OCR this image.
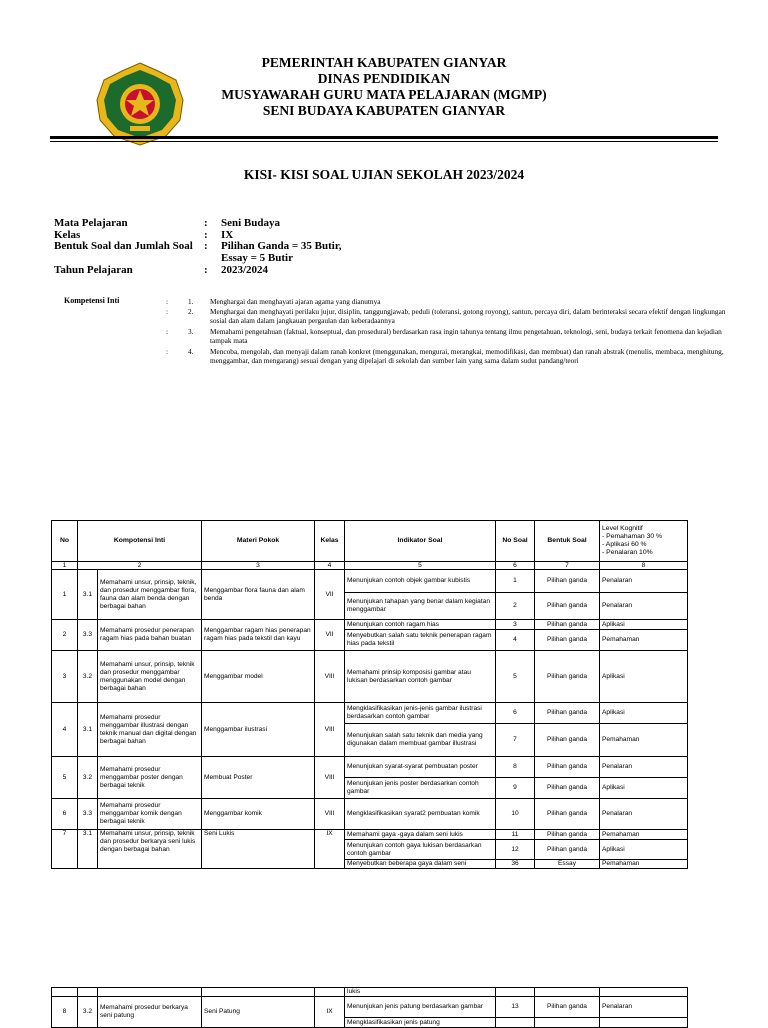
PEMERINTAH KABUPATEN GIANYAR
DINAS PENDIDIKAN
MUSYAWARAH GURU MATA PELAJARAN (MGMP)
SENI BUDAYA KABUPATEN GIANYAR
KISI- KISI SOAL UJIAN SEKOLAH 2023/2024
Mata Pelajaran	: Seni Budaya
Kelas	: IX
Bentuk Soal dan Jumlah Soal	: Pilihan Ganda = 35 Butir,
Essay = 5 Butir
Tahun Pelajaran	: 2023/2024
Kompetensi Inti	:	1. Menghargai dan menghayati ajaran agama yang dianutnya
:	2. Menghargai dan menghayati perilaku jujur, disiplin, tanggungjawab, peduli (toleransi, gotong royong), santun, percaya diri, dalam berinteraksi secara efektif dengan lingkungan sosial dan alam dalam jangkauan pergaulan dan keberadaannya
:	3. Memahami pengetahuan (faktual, konseptual, dan prosedural) berdasarkan rasa ingin tahunya tentang ilmu pengetahuan, teknologi, seni, budaya terkait fenomena dan kejadian tampak mata
:	4. Mencoba, mengolah, dan menyaji dalam ranah konkret (menggunakan, mengurai, merangkai, memodifikasi, dan membuat) dan ranah abstrak (menulis, membaca, menghitung, menggambar, dan mengarang) sesuai dengan yang dipelajari di sekolah dan sumber lain yang sama dalam sudut pandang/teori
No	Kompotensi Inti		Materi Pokok	Kelas	Indikator Soal	No Soal	Bentuk Soal	Level Kognitif
- Pemahaman 30 %
- Aplikasi 60 %
- Penalaran 10%

1	2		3	4	5	6	7	8
1	3.1	Memahami unsur, prinsip, teknik, dan prosedur menggambar flora, fauna dan alam benda dengan berbagai bahan	Menggambar flora fauna dan alam benda	VII	Menunjukan contoh objek gambar kubistis	1	Pilihan ganda	Penalaran
					Menunjukan tahapan yang benar dalam kegiatan menggambar	2	Pilihan ganda	Penalaran
2	3.3	Memahami prosedur penerapan ragam hias pada bahan buatan	Menggambar ragam hias penerapan ragam hias pada tekstil dan kayu	VII	Menunjukan contoh ragam hias	3	Pilihan ganda	Aplikasi
					Menyebutkan salah satu teknik penerapan ragam hias pada tekstil	4	Pilihan ganda	Pemahaman
3	3.2	Memahami unsur, prinsip, teknik dan prosedur menggambar menggunakan model dengan berbagai bahan	Menggambar model	VIII	Memahami prinsip komposisi gambar atau lukisan berdasarkan contoh gambar	5	Pilihan ganda	Aplikasi
4	3.1	Memahami prosedur menggambar illustrasi dengan teknik manual dan digital dengan berbagai bahan	Menggambar ilustrasi	VIII	Mengklasifikasikan jenis-jenis gambar ilustrasi berdasarkan contoh gambar	6	Pilihan ganda	Aplikasi
					Menunjukan salah satu teknik dan media yang digunakan dalam membuat gambar illustrasi	7	Pilihan ganda	Pemahaman
5	3.2	Memahami prosedur menggambar poster dengan berbagai teknik	Membuat Poster	VIII	Menunjukan syarat-syarat pembuatan poster	8	Pilihan ganda	Penalaran
					Menunjukan jenis poster berdasarkan contoh gambar	9	Pilihan ganda	Aplikasi
6	3.3	Memahami prosedur menggambar komik dengan berbagai teknik	Menggambar komik	VIII	Mengklasifikasikan syarat2 pembuatan komik	10	Pilihan ganda	Penalaran
7	3.1	Memahami unsur, prinsip, teknik dan prosedur berkarya seni lukis dengan berbagai bahan	Seni Lukis	IX	Memahami gaya -gaya dalam seni lukis	11	Pilihan ganda	Pemahaman
					Menunjukan contoh gaya lukisan berdasarkan contoh gambar	12	Pilihan ganda	Aplikasi
					Menyebutkan beberapa gaya dalam seni	36	Essay	Pemahaman
					lukis			
8	3.2	Memahami prosedur berkarya seni patung	Seni Patung	IX	Menunjukan jenis patung berdasarkan gambar	13	Pilihan ganda	Penalaran
					Mengklasifikasikan jenis patung			
